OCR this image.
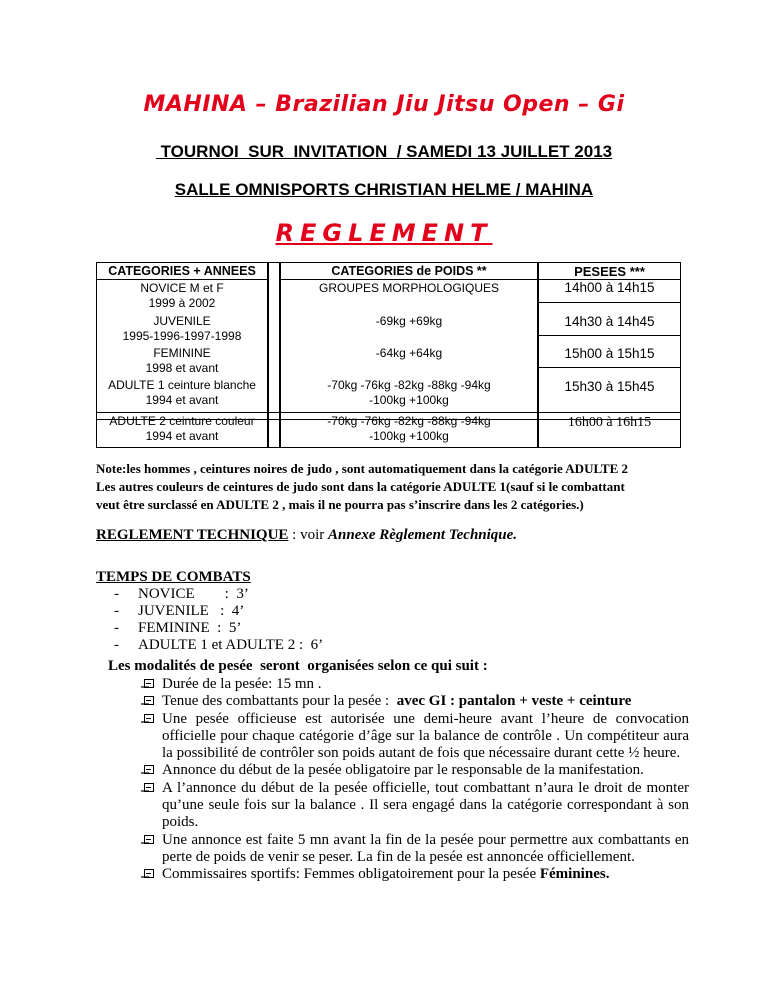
MAHINA – Brazilian Jiu Jitsu Open – Gi
TOURNOI  SUR  INVITATION  / SAMEDI 13 JUILLET 2013
SALLE OMNISPORTS CHRISTIAN HELME / MAHINA
REGLEMENT
CATEGORIES + ANNEES
NOVICE M et F
1999 à 2002
JUVENILE
1995-1996-1997-1998
FEMININE
1998 et avant
ADULTE 1 ceinture blanche
1994 et avant
CATEGORIES de POIDS **
GROUPES MORPHOLOGIQUES
-69kg +69kg
-64kg +64kg
-70kg -76kg -82kg -88kg -94kg
-100kg +100kg
PESEES ***
14h00 à 14h15
14h30 à 14h45
15h00 à 15h15
15h30 à 15h45
ADULTE 2 ceinture couleur
1994 et avant
-70kg -76kg -82kg -88kg -94kg
-100kg +100kg
16h00 à 16h15
Note:les hommes , ceintures noires de judo , sont automatiquement dans la catégorie ADULTE 2
Les autres couleurs de ceintures de judo sont dans la catégorie ADULTE 1(sauf si le combattant
veut être surclassé en ADULTE 2 , mais il ne pourra pas s’inscrire dans les 2 catégories.)
REGLEMENT TECHNIQUE : voir Annexe Règlement Technique.
TEMPS DE COMBATS
- NOVICE        :  3’
- JUVENILE   :  4’
- FEMININE  :  5’
- ADULTE 1 et ADULTE 2 :  6’
Les modalités de pesée  seront  organisées selon ce qui suit :
Durée de la pesée: 15 mn .
Tenue des combattants pour la pesée :  avec GI : pantalon + veste + ceinture
Une pesée officieuse est autorisée une demi-heure avant l’heure de convocation officielle pour chaque catégorie d’âge sur la balance de contrôle . Un compétiteur aura la possibilité de contrôler son poids autant de fois que nécessaire durant cette ½ heure.
Annonce du début de la pesée obligatoire par le responsable de la manifestation.
A l’annonce du début de la pesée officielle, tout combattant n’aura le droit de monter qu’une seule fois sur la balance . Il sera engagé dans la catégorie correspondant à son poids.
Une annonce est faite 5 mn avant la fin de la pesée pour permettre aux combattants en perte de poids de venir se peser. La fin de la pesée est annoncée officiellement.
Commissaires sportifs: Femmes obligatoirement pour la pesée Féminines.
